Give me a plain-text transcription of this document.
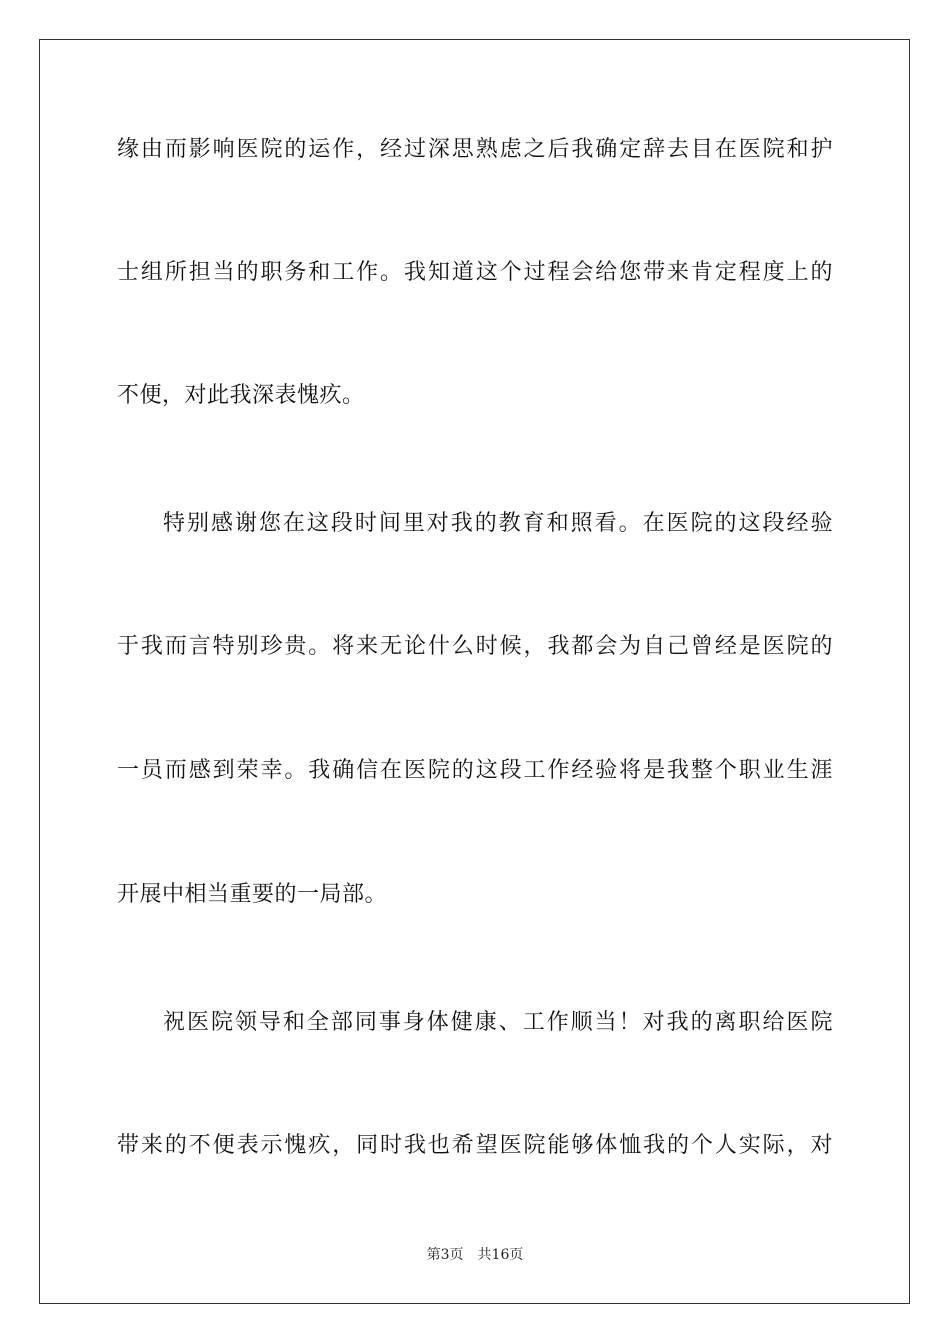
缘由而影响医院的运作，经过深思熟虑之后我确定辞去目在医院和护
士组所担当的职务和工作。我知道这个过程会给您带来肯定程度上的
不便，对此我深表愧疚。
特别感谢您在这段时间里对我的教育和照看。在医院的这段经验
于我而言特别珍贵。将来无论什么时候，我都会为自己曾经是医院的
一员而感到荣幸。我确信在医院的这段工作经验将是我整个职业生涯
开展中相当重要的一局部。
祝医院领导和全部同事身体健康、工作顺当！对我的离职给医院
带来的不便表示愧疚，同时我也希望医院能够体恤我的个人实际，对
第3页 共16页
